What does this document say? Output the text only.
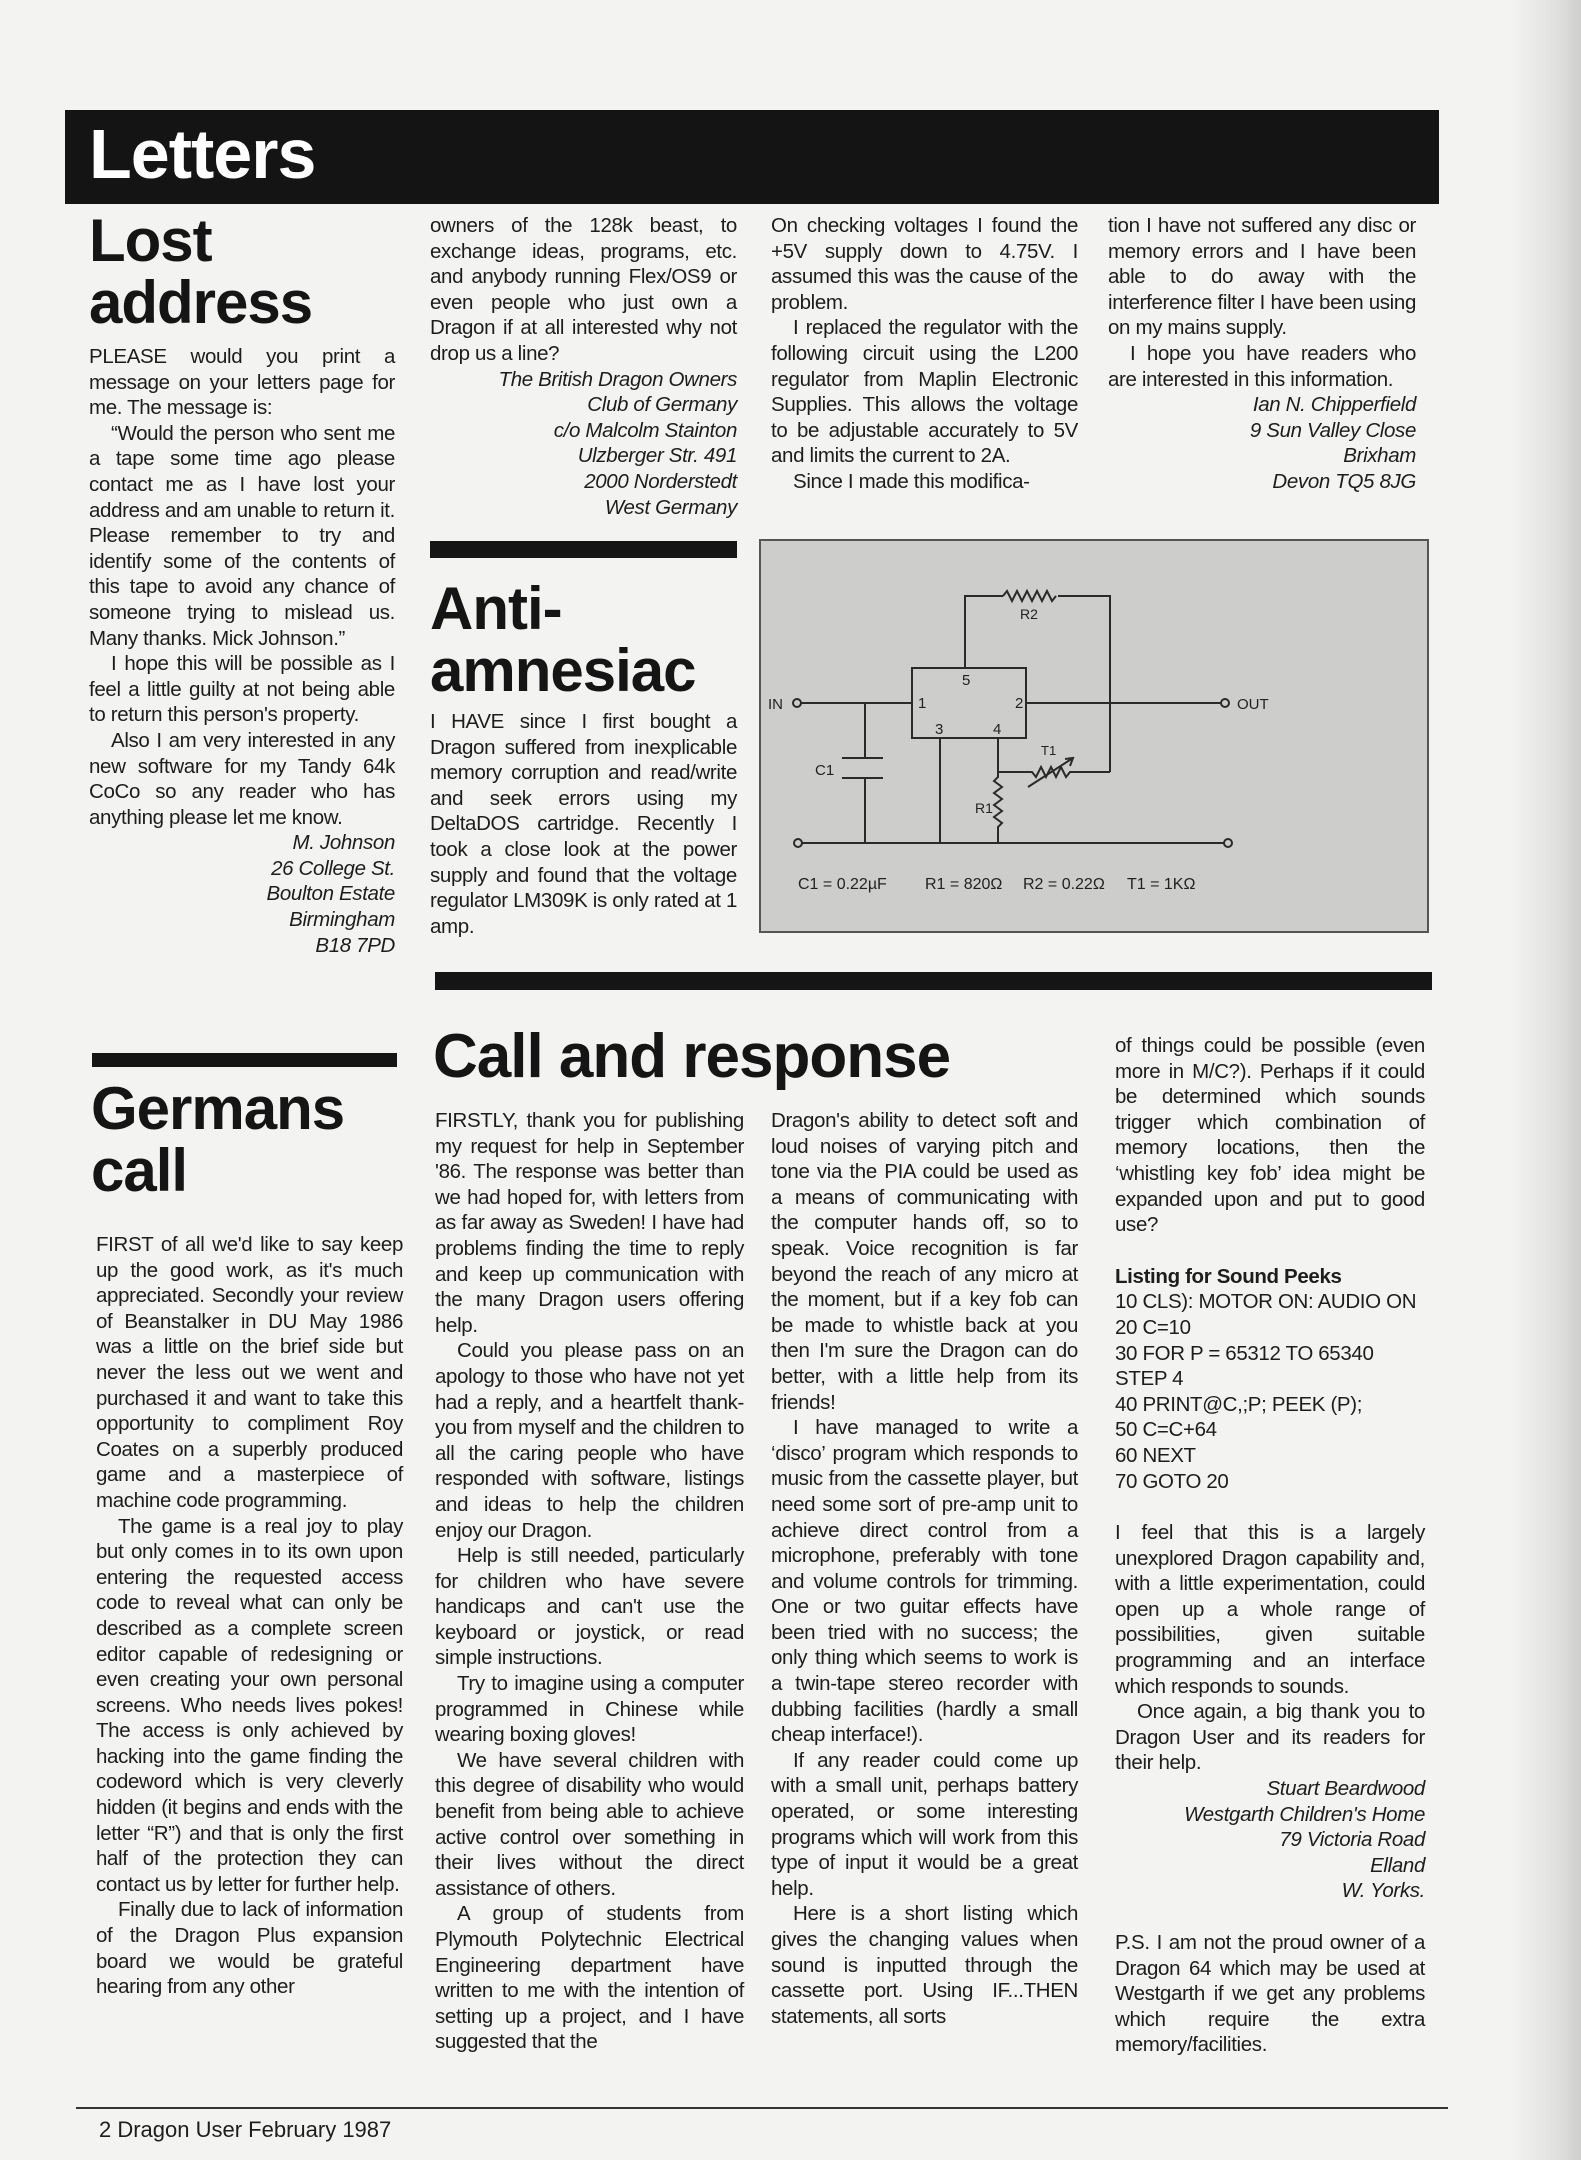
Letters
Lost
address

PLEASE would you print a message on your letters page for me. The message is:

“Would the person who sent me a tape some time ago please contact me as I have lost your address and am unable to return it. Please remember to try and identify some of the contents of this tape to avoid any chance of someone trying to mislead us. Many thanks. Mick Johnson.”

I hope this will be possible as I feel a little guilty at not being able to return this person's property.

Also I am very interested in any new software for my Tandy 64k CoCo so any reader who has anything please let me know.

M. Johnson
26 College St.
Boulton Estate
Birmingham
B18 7PD
Germans
call

FIRST of all we'd like to say keep up the good work, as it's much appreciated. Secondly your review of Beanstalker in DU May 1986 was a little on the brief side but never the less out we went and purchased it and want to take this opportunity to compliment Roy Coates on a superbly produced game and a masterpiece of machine code programming.

The game is a real joy to play but only comes in to its own upon entering the requested access code to reveal what can only be described as a complete screen editor capable of redesigning or even creating your own personal screens. Who needs lives pokes! The access is only achieved by hacking into the game finding the codeword which is very cleverly hidden (it begins and ends with the letter “R”) and that is only the first half of the protection they can contact us by letter for further help.

Finally due to lack of information of the Dragon Plus expansion board we would be grateful hearing from any other

owners of the 128k beast, to exchange ideas, programs, etc. and anybody running Flex/OS9 or even people who just own a Dragon if at all interested why not drop us a line?

The British Dragon Owners
Club of Germany
c/o Malcolm Stainton
Ulzberger Str. 491
2000 Norderstedt
West Germany
Anti-
amnesiac

I HAVE since I first bought a Dragon suffered from inexplicable memory corruption and read/write and seek errors using my DeltaDOS cartridge. Recently I took a close look at the power supply and found that the voltage regulator LM309K is only rated at 1 amp.

On checking voltages I found the +5V supply down to 4.75V. I assumed this was the cause of the problem.

I replaced the regulator with the following circuit using the L200 regulator from Maplin Electronic Supplies. This allows the voltage to be adjustable accurately to 5V and limits the current to 2A.

Since I made this modifica-

tion I have not suffered any disc or memory errors and I have been able to do away with the interference filter I have been using on my mains supply.

I hope you have readers who are interested in this information.

Ian N. Chipperfield
9 Sun Valley Close
Brixham
Devon TQ5 8JG
IN	OUT
1	2
3	4
5
R2
T1
C1
R1
C1 = 0.22µF R1 = 820Ω R2 = 0.22Ω T1 = 1KΩ
Call and response

FIRSTLY, thank you for publishing my request for help in September '86. The response was better than we had hoped for, with letters from as far away as Sweden! I have had problems finding the time to reply and keep up communication with the many Dragon users offering help.

Could you please pass on an apology to those who have not yet had a reply, and a heartfelt thank-you from myself and the children to all the caring people who have responded with software, listings and ideas to help the children enjoy our Dragon.

Help is still needed, particularly for children who have severe handicaps and can't use the keyboard or joystick, or read simple instructions.

Try to imagine using a computer programmed in Chinese while wearing boxing gloves!

We have several children with this degree of disability who would benefit from being able to achieve active control over something in their lives without the direct assistance of others.

A group of students from Plymouth Polytechnic Electrical Engineering department have written to me with the intention of setting up a project, and I have suggested that the

Dragon's ability to detect soft and loud noises of varying pitch and tone via the PIA could be used as a means of communicating with the computer hands off, so to speak. Voice recognition is far beyond the reach of any micro at the moment, but if a key fob can be made to whistle back at you then I'm sure the Dragon can do better, with a little help from its friends!

I have managed to write a ‘disco’ program which responds to music from the cassette player, but need some sort of pre-amp unit to achieve direct control from a microphone, preferably with tone and volume controls for trimming. One or two guitar effects have been tried with no success; the only thing which seems to work is a twin-tape stereo recorder with dubbing facilities (hardly a small cheap interface!).

If any reader could come up with a small unit, perhaps battery operated, or some interesting programs which will work from this type of input it would be a great help.

Here is a short listing which gives the changing values when sound is inputted through the cassette port. Using IF...THEN statements, all sorts

of things could be possible (even more in M/C?). Perhaps if it could be determined which sounds trigger which combination of memory locations, then the ‘whistling key fob’ idea might be expanded upon and put to good use?

Listing for Sound Peeks
10 CLS): MOTOR ON: AUDIO ON
20 C=10
30 FOR P = 65312 TO 65340 STEP 4
40 PRINT@C,;P; PEEK (P);
50 C=C+64
60 NEXT
70 GOTO 20

I feel that this is a largely unexplored Dragon capability and, with a little experimentation, could open up a whole range of possibilities, given suitable programming and an interface which responds to sounds.

Once again, a big thank you to Dragon User and its readers for their help.

Stuart Beardwood
Westgarth Children's Home
79 Victoria Road
Elland
W. Yorks.

P.S. I am not the proud owner of a Dragon 64 which may be used at Westgarth if we get any problems which require the extra memory/facilities.

2 Dragon User February 1987
